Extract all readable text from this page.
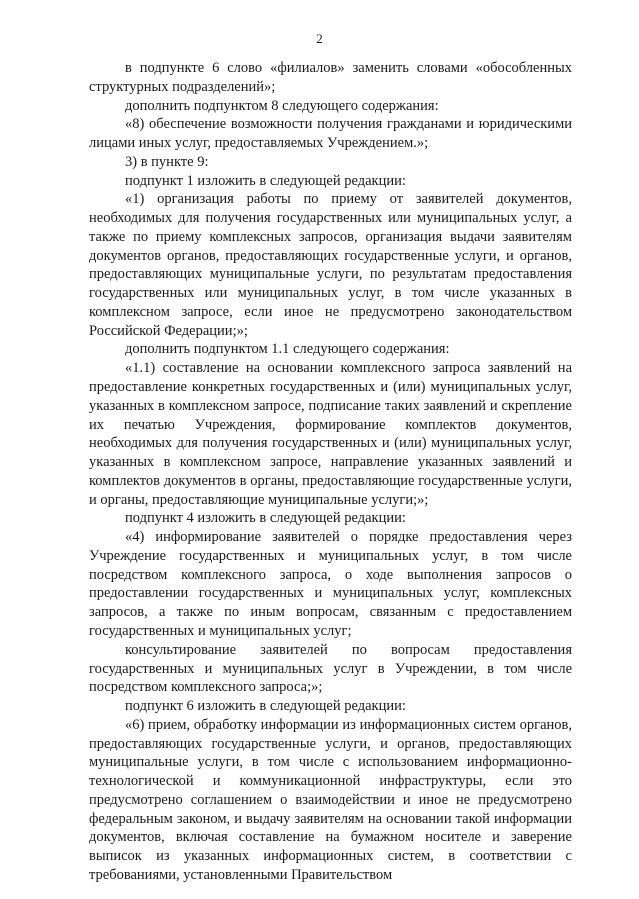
2

в подпункте 6 слово «филиалов» заменить словами «обособленных структурных подразделений»;

дополнить подпунктом 8 следующего содержания:

«8) обеспечение возможности получения гражданами и юридическими лицами иных услуг, предоставляемых Учреждением.»;

3) в пункте 9:

подпункт 1 изложить в следующей редакции:

«1) организация работы по приему от заявителей документов, необходимых для получения государственных или муниципальных услуг, а также по приему комплексных запросов, организация выдачи заявителям документов органов, предоставляющих государственные услуги, и органов, предоставляющих муниципальные услуги, по результатам предоставления государственных или муниципальных услуг, в том числе указанных в комплексном запросе, если иное не предусмотрено законодательством Российской Федерации;»;

дополнить подпунктом 1.1 следующего содержания:

«1.1) составление на основании комплексного запроса заявлений на предоставление конкретных государственных и (или) муниципальных услуг, указанных в комплексном запросе, подписание таких заявлений и скрепление их печатью Учреждения, формирование комплектов документов, необходимых для получения государственных и (или) муниципальных услуг, указанных в комплексном запросе, направление указанных заявлений и комплектов документов в органы, предоставляющие государственные услуги, и органы, предоставляющие муниципальные услуги;»;

подпункт 4 изложить в следующей редакции:

«4) информирование заявителей о порядке предоставления через Учреждение государственных и муниципальных услуг, в том числе посредством комплексного запроса, о ходе выполнения запросов о предоставлении государственных и муниципальных услуг, комплексных запросов, а также по иным вопросам, связанным с предоставлением государственных и муниципальных услуг;

консультирование заявителей по вопросам предоставления государственных и муниципальных услуг в Учреждении, в том числе посредством комплексного запроса;»;

подпункт 6 изложить в следующей редакции:

«6) прием, обработку информации из информационных систем органов, предоставляющих государственные услуги, и органов, предоставляющих муниципальные услуги, в том числе с использованием информационно-технологической и коммуникационной инфраструктуры, если это предусмотрено соглашением о взаимодействии и иное не предусмотрено федеральным законом, и выдачу заявителям на основании такой информации документов, включая составление на бумажном носителе и заверение выписок из указанных информационных систем, в соответствии с требованиями, установленными Правительством
